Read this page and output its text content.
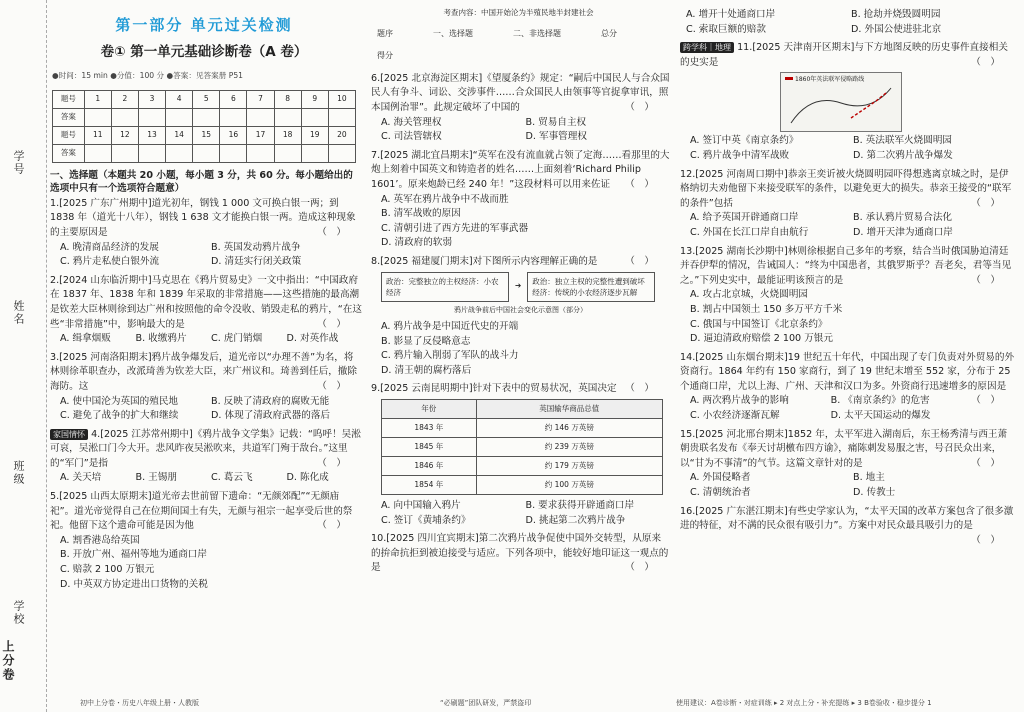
学号
姓名
班级
学校
上分卷
第一部分 单元过关检测
卷① 第一单元基础诊断卷（A 卷）
●时间：15 min ●分值：100 分 ●答案：见答案册 P51
题号	1	2	3	4	5	6	7	8	9	10
答案										
题号	11	12	13	14	15	16	17	18	19	20
答案										
一、选择题（本题共 20 小题，每小题 3 分，共 60 分。每小题给出的选项中只有一个选项符合题意）

1.[2025 广东广州期中]道光初年，钢钱 1 000 文可换白银一两；到 1838 年（道光十八年），钢钱 1 638 文才能换白银一两。造成这种现象的主要原因是	（　）

A. 晚清商品经济的发展	B. 英国发动鸦片战争
C. 鸦片走私使白银外流	D. 清廷实行闭关政策

2.[2024 山东临沂期中]马克思在《鸦片贸易史》一文中指出：“中国政府在 1837 年、1838 年和 1839 年采取的非常措施——这些措施的最高潮是钦差大臣林则徐到达广州和按照他的命令没收、销毁走私的鸦片，“在这些“非常措施”中，影响最大的是	（　）

A. 缉拿烟贩	B. 收缴鸦片	C. 虎门销烟	D. 对英作战

3.[2025 河南洛阳期末]鸦片战争爆发后，道光帝以“办理不善”为名，将林则徐革职查办，改派琦善为钦差大臣，来广州议和。琦善到任后，撤除海防。这	（　）

A. 使中国沦为英国的殖民地	B. 反映了清政府的腐败无能
C. 避免了战争的扩大和继续	D. 体现了清政府武器的落后

家国情怀 4.[2025 江苏常州期中]《鸦片战争文学集》记载：“呜呼！吴淞可哀，吴淞口门今大开。悲风昨夜吴淞吹来，共道军门殉于敌台。”这里的“军门”是指	（　）

A. 关天培	B. 王锡朋	C. 葛云飞	D. 陈化成

5.[2025 山西太原期末]道光帝去世前留下遗命：“无颜郊配”“无颜庙祀”。道光帝觉得自己在位期间国土有失，无颜与祖宗一起享受后世的祭祀。他留下这个遗命可能是因为他	（　）

A. 割香港岛给英国
B. 开放广州、福州等地为通商口岸
C. 赔款 2 100 万银元
D. 中英双方协定进出口货物的关税
初中上分卷・历史八年级上册・人教版
考查内容：中国开始沦为半殖民地半封建社会
题序	一、选择题	二、非选择题	总分
得分

6.[2025 北京海淀区期末]《望厦条约》规定：“嗣后中国民人与合众国民人有争斗、词讼、交涉事件……合众国民人由领事等官捉拿审讯，照本国例治罪”。此规定破坏了中国的	（　）

A. 海关管理权	B. 贸易自主权
C. 司法管辖权	D. 军事管理权

7.[2025 湖北宜昌期末]“英军在没有流血就占领了定海……看那里的大炮上刻着中国英文和铸造者的姓名……上面刻着‘Richard Philip 1601’。原来炮龄已经 240 年！”这段材料可以用来佐证 （　）

A. 英军在鸦片战争中不战而胜
B. 清军战败的原因
C. 清朝引进了西方先进的军事武器
D. 清政府的软弱

8.[2025 福建厦门期末]对下图所示内容理解正确的是	（　）

政治：完整独立的主权经济：小农经济
➔
政治：独立主权的完整性遭到破坏 经济：传统的小农经济逐步瓦解
鸦片战争前后中国社会变化示意图（部分）
A. 鸦片战争是中国近代史的开端
B. 影显了反侵略意志
C. 鸦片输入削弱了军队的战斗力
D. 清王朝的腐朽落后

9.[2025 云南昆明期中]针对下表中的贸易状况，英国决定 （　）

年份	英国输华商品总值
1843 年	约 146 万英镑
1845 年	约 239 万英镑
1846 年	约 179 万英镑
1854 年	约 100 万英镑
A. 向中国输入鸦片	B. 要求获得开辟通商口岸
C. 签订《黄埔条约》	D. 挑起第二次鸦片战争

10.[2025 四川宜宾期末]第二次鸦片战争促使中国外交转型，从原来的拚命抗拒到被迫接受与适应。下列各项中，能较好地印证这一观点的是	（　）

“必刷题”团队研发，严禁盗印
A. 增开十处通商口岸	B. 抢劫并烧毁圆明园
C. 索取巨额的赔款	D. 外国公使进驻北京

跨学科｜地理 11.[2025 天津南开区期末]与下方地图反映的历史事件直接相关的史实是	（　）

1860年英法联军侵略路线
A. 签订中英《南京条约》	B. 英法联军火烧圆明园
C. 鸦片战争中清军战败	D. 第二次鸦片战争爆发

12.[2025 河南周口期中]恭亲王奕䜣被火烧圆明园吓得想逃离京城之时，是伊格纳切夫劝他留下来接受联军的条件，以避免更大的损失。恭亲王接受的“联军的条件”包括	（　）

A. 给予英国开辟通商口岸	B. 承认鸦片贸易合法化
C. 外国在长江口岸自由航行	D. 增开天津为通商口岸

13.[2025 湖南长沙期中]林则徐根据自己多年的考察，结合当时俄国胁迫清廷并吞伊犁的情况，告诫国人：“终为中国患者，其俄罗斯乎？吾老矣，君等当见之。”下列史实中，最能证明该预言的是	（　）

A. 攻占北京城，火烧圆明园
B. 割占中国领土 150 多万平方千米
C. 俄国与中国签订《北京条约》
D. 逼迫清政府赔偿 2 100 万银元

14.[2025 山东烟台期末]19 世纪五十年代，中国出现了专门负责对外贸易的外资商行。1864 年约有 150 家商行，到了 19 世纪末增至 552 家，分布于 25 个通商口岸，尤以上海、广州、天津和汉口为多。外资商行迅速增多的原因是
（　）

A. 两次鸦片战争的影响	B. 《南京条约》的危害
C. 小农经济逐渐瓦解	D. 太平天国运动的爆发

15.[2025 河北邢台期末]1852 年，太平军进入湖南后，东王杨秀清与西王萧朝贵联名发布《奉天讨胡檄布四方谕》，痛陈刺发易服之害，号召民众出来，以“甘为不事清”的气节。这篇文章针对的是	（　）

A. 外国侵略者	B. 地主
C. 清朝统治者	D. 传教士

16.[2025 广东湛江期末]有些史学家认为，“太平天国的改革方案包含了很多激进的特征，对不满的民众很有吸引力”。方案中对民众最具吸引力的是
（　）

使用建议：A卷诊断・对症训练 ▸ 2 对点上分・补充提练 ▸ 3 B卷验收・稳步提分 1
